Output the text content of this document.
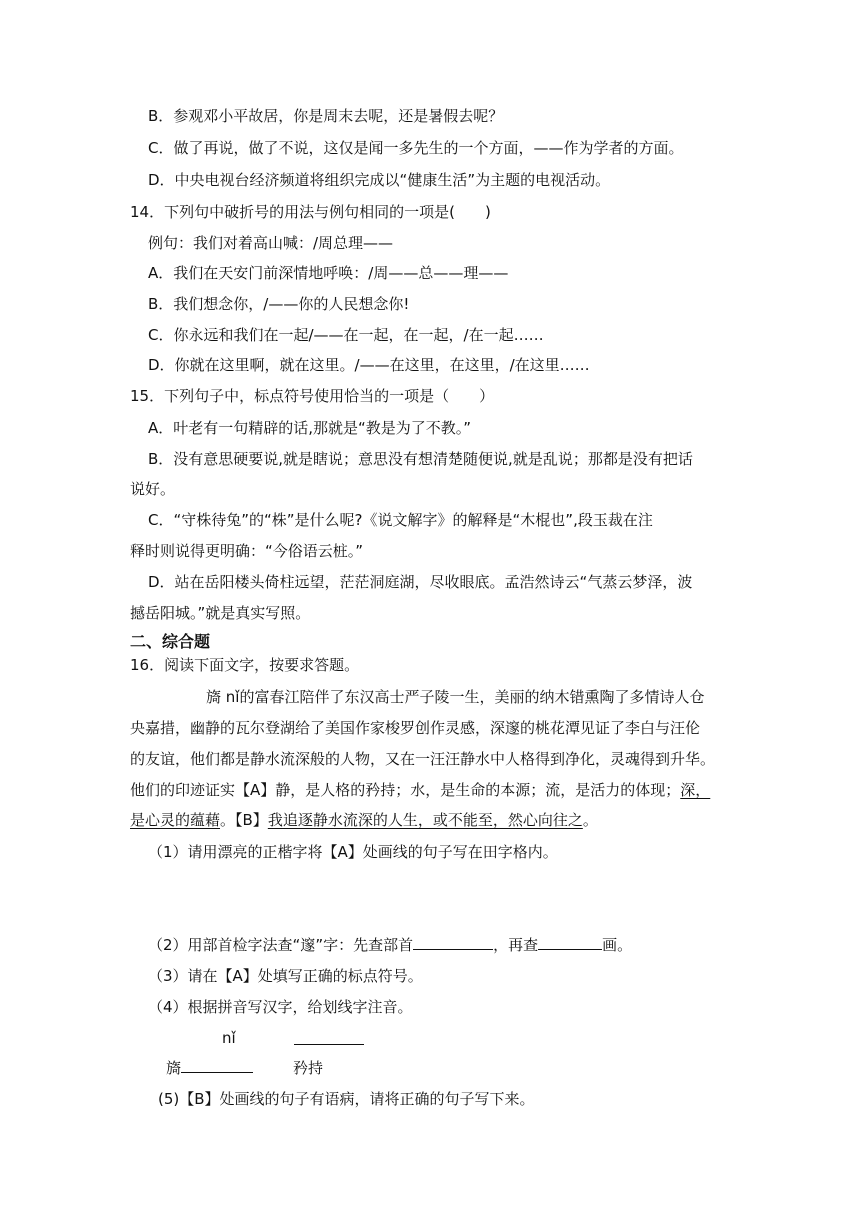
B．参观邓小平故居，你是周末去呢，还是暑假去呢？
C．做了再说，做了不说，这仅是闻一多先生的一个方面，——作为学者的方面。
D．中央电视台经济频道将组织完成以“健康生活”为主题的电视活动。
14．下列句中破折号的用法与例句相同的一项是(　　)
例句：我们对着高山喊：/周总理——
A．我们在天安门前深情地呼唤：/周——总——理——
B．我们想念你，/——你的人民想念你!
C．你永远和我们在一起/——在一起，在一起，/在一起……
D．你就在这里啊，就在这里。/——在这里，在这里，/在这里……
15．下列句子中，标点符号使用恰当的一项是（　　）
A．叶老有一句精辟的话,那就是“教是为了不教。”
B．没有意思硬要说,就是瞎说；意思没有想清楚随便说,就是乱说；那都是没有把话
说好。
C．“守株待兔”的“株”是什么呢?《说文解字》的解释是“木棍也”,段玉裁在注
释时则说得更明确：“今俗语云桩。”
D．站在岳阳楼头倚柱远望，茫茫洞庭湖，尽收眼底。孟浩然诗云“气蒸云梦泽，波
撼岳阳城。”就是真实写照。
二、综合题
16．阅读下面文字，按要求答题。
旖 nǐ的富春江陪伴了东汉高士严子陵一生，美丽的纳木错熏陶了多情诗人仓
央嘉措，幽静的瓦尔登湖给了美国作家梭罗创作灵感，深邃的桃花潭见证了李白与汪伦
的友谊，他们都是静水流深般的人物，又在一汪汪静水中人格得到净化，灵魂得到升华。
他们的印迹证实【A】静，是人格的矜持；水，是生命的本源；流，是活力的体现；深，
是心灵的蕴藉。【B】我追逐静水流深的人生，或不能至，然心向往之。
（1）请用漂亮的正楷字将【A】处画线的句子写在田字格内。
（2）用部首检字法查“邃”字：先查部首	，再查	画。
（3）请在【A】处填写正确的标点符号。
（4）根据拼音写汉字，给划线字注音。
nǐ
旖	矜持
(5)【B】处画线的句子有语病，请将正确的句子写下来。
